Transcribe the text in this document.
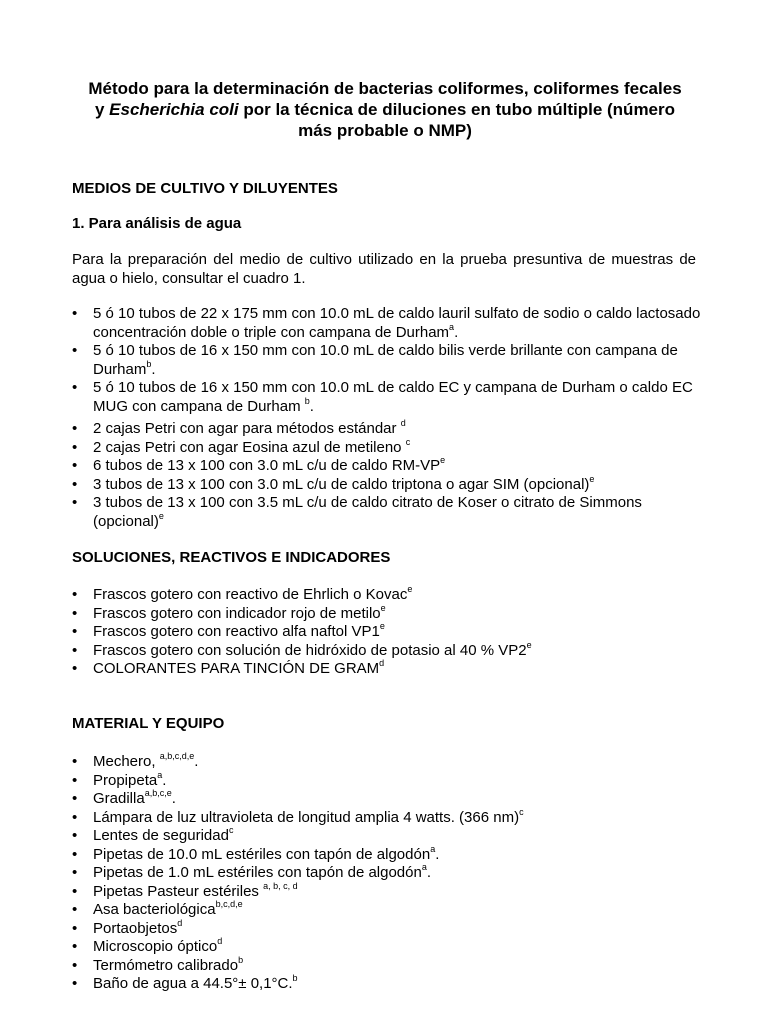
Método para la determinación de bacterias coliformes, coliformes fecales
y Escherichia coli por la técnica de diluciones en tubo múltiple (número
más probable o NMP)
MEDIOS DE CULTIVO Y DILUYENTES
1. Para análisis de agua
Para la preparación del medio de cultivo utilizado en la prueba presuntiva de muestras de agua o hielo, consultar el cuadro 1.
• 5 ó 10 tubos de 22 x 175 mm con 10.0 mL de caldo lauril sulfato de sodio o caldo lactosado concentración doble o triple con campana de Durham$^a$.
• 5 ó 10 tubos de 16 x 150 mm con 10.0 mL de caldo bilis verde brillante con campana de Durham$^b$.
• 5 ó 10 tubos de 16 x 150 mm con 10.0 mL de caldo EC y campana de Durham o caldo EC MUG con campana de Durham $^b$.
• 2 cajas Petri con agar para métodos estándar $^d$
• 2 cajas Petri con agar Eosina azul de metileno $^c$
• 6 tubos de 13 x 100 con 3.0 mL c/u de caldo $RM-VP^e$
• 3 tubos de 13 x 100 con 3.0 mL c/u de caldo triptona o agar SIM (opcional)$^e$
• 3 tubos de 13 x 100 con 3.5 mL c/u de caldo citrato de Koser o citrato de Simmons (opcional)$^e$
SOLUCIONES, REACTIVOS E INDICADORES
• Frascos gotero con reactivo de Ehrlich o Kovac$^e$
• Frascos gotero con indicador rojo de metilo$^e$
• Frascos gotero con reactivo alfa naftol VP1e
• Frascos gotero con solución de hidróxido de potasio al 40 % VP2e
• COLORANTES PARA TINCIÓN DE GRAM$^d$
MATERIAL Y EQUIPO
• Mechero, $^{a,b,c,d,e}$.
• Propipeta$^a$.
• Gradilla$^{a,b,c,e}$.
• Lámpara de luz ultravioleta de longitud amplia 4 watts. (366 nm)$^c$
• Lentes de seguridad$^c$
• Pipetas de 10.0 mL estériles con tapón de algodón$^a$.
• Pipetas de 1.0 mL estériles con tapón de algodón$^a$.
• Pipetas Pasteur estériles $^{a, b, c, d}$
• Asa bacteriológica$^{b,c,d,e}$
• Portaobjetos$^d$
• Microscopio óptico$^d$
• Termómetro calibrado$^b$
• Baño de agua a 44.5°± 0,1°C.$^b$
